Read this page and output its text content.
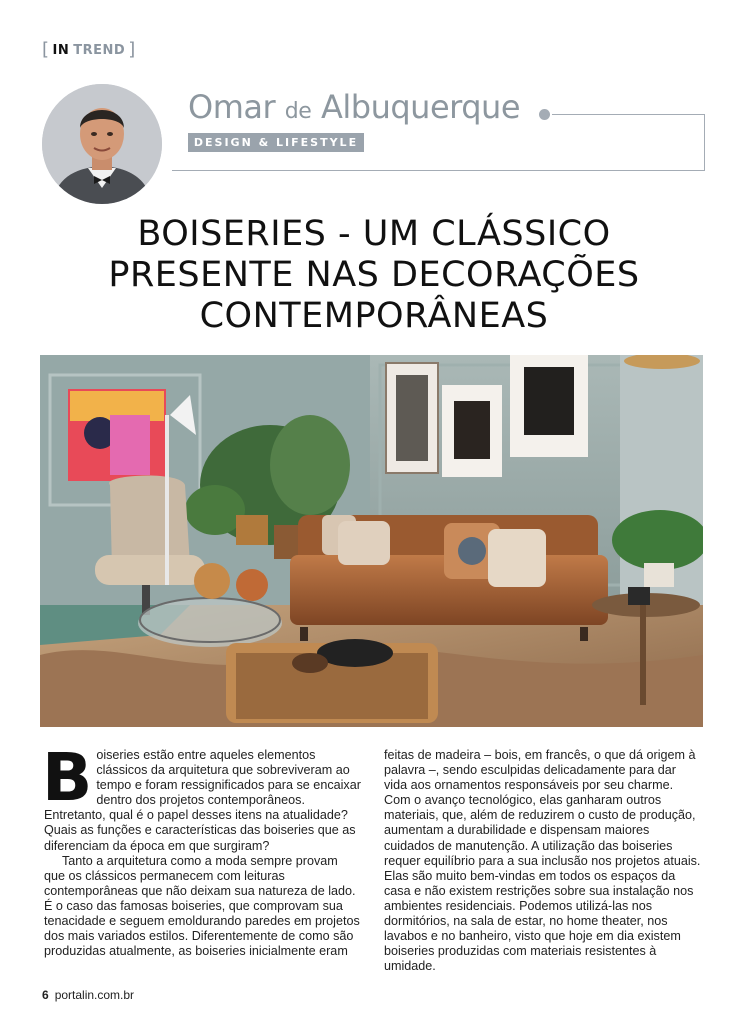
[ IN TREND ]
Omar de Albuquerque
DESIGN & LIFESTYLE
BOISERIES - UM CLÁSSICO
PRESENTE NAS DECORAÇÕES
CONTEMPORÂNEAS

Boiseries estão entre aqueles elementos clássicos da arquitetura que sobreviveram ao tempo e foram ressignificados para se encaixar dentro dos projetos contemporâneos. Entretanto, qual é o papel desses itens na atualidade? Quais as funções e características das boiseries que as diferenciam da época em que surgiram?

Tanto a arquitetura como a moda sempre provam que os clássicos permanecem com leituras contemporâneas que não deixam sua natureza de lado. É o caso das famosas boiseries, que comprovam sua tenacidade e seguem emoldurando paredes em projetos dos mais variados estilos. Diferentemente de como são produzidas atualmente, as boiseries inicialmente eram

feitas de madeira – bois, em francês, o que dá origem à palavra –, sendo esculpidas delicadamente para dar vida aos ornamentos responsáveis por seu charme. Com o avanço tecnológico, elas ganharam outros materiais, que, além de reduzirem o custo de produção, aumentam a durabilidade e dispensam maiores cuidados de manutenção. A utilização das boiseries requer equilíbrio para a sua inclusão nos projetos atuais. Elas são muito bem-vindas em todos os espaços da casa e não existem restrições sobre sua instalação nos ambientes residenciais. Podemos utilizá-las nos dormitórios, na sala de estar, no home theater, nos lavabos e no banheiro, visto que hoje em dia existem boiseries produzidas com materiais resistentes à umidade.

6 portalin.com.br
